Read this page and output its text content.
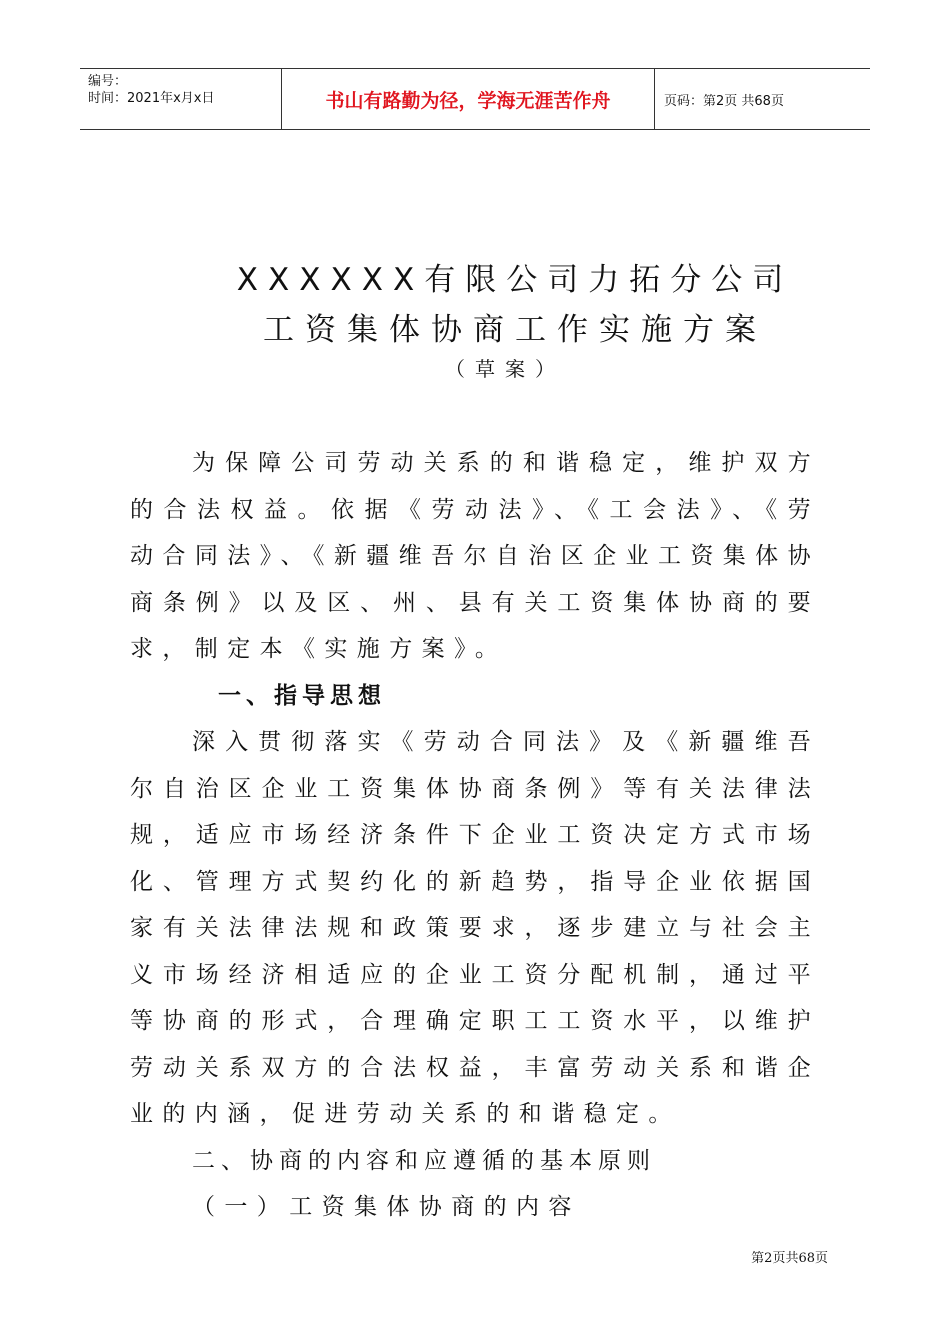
编号：
时间：2021年x月x日	书山有路勤为径，学海无涯苦作舟	页码：第2页 共68页
XXXXXX有限公司力拓分公司
工资集体协商工作实施方案
（草案）

为保障公司劳动关系的和谐稳定，维护双方的合法权益。依据《劳动法》、《工会法》、《劳动合同法》、《新疆维吾尔自治区企业工资集体协商条例》以及区、州、县有关工资集体协商的要求，制定本《实施方案》。

一、指导思想

深入贯彻落实《劳动合同法》及《新疆维吾尔自治区企业工资集体协商条例》等有关法律法规，适应市场经济条件下企业工资决定方式市场化、管理方式契约化的新趋势，指导企业依据国家有关法律法规和政策要求，逐步建立与社会主义市场经济相适应的企业工资分配机制，通过平等协商的形式，合理确定职工工资水平，以维护劳动关系双方的合法权益，丰富劳动关系和谐企业的内涵，促进劳动关系的和谐稳定。

二、协商的内容和应遵循的基本原则

（一）工资集体协商的内容

第2页共68页
